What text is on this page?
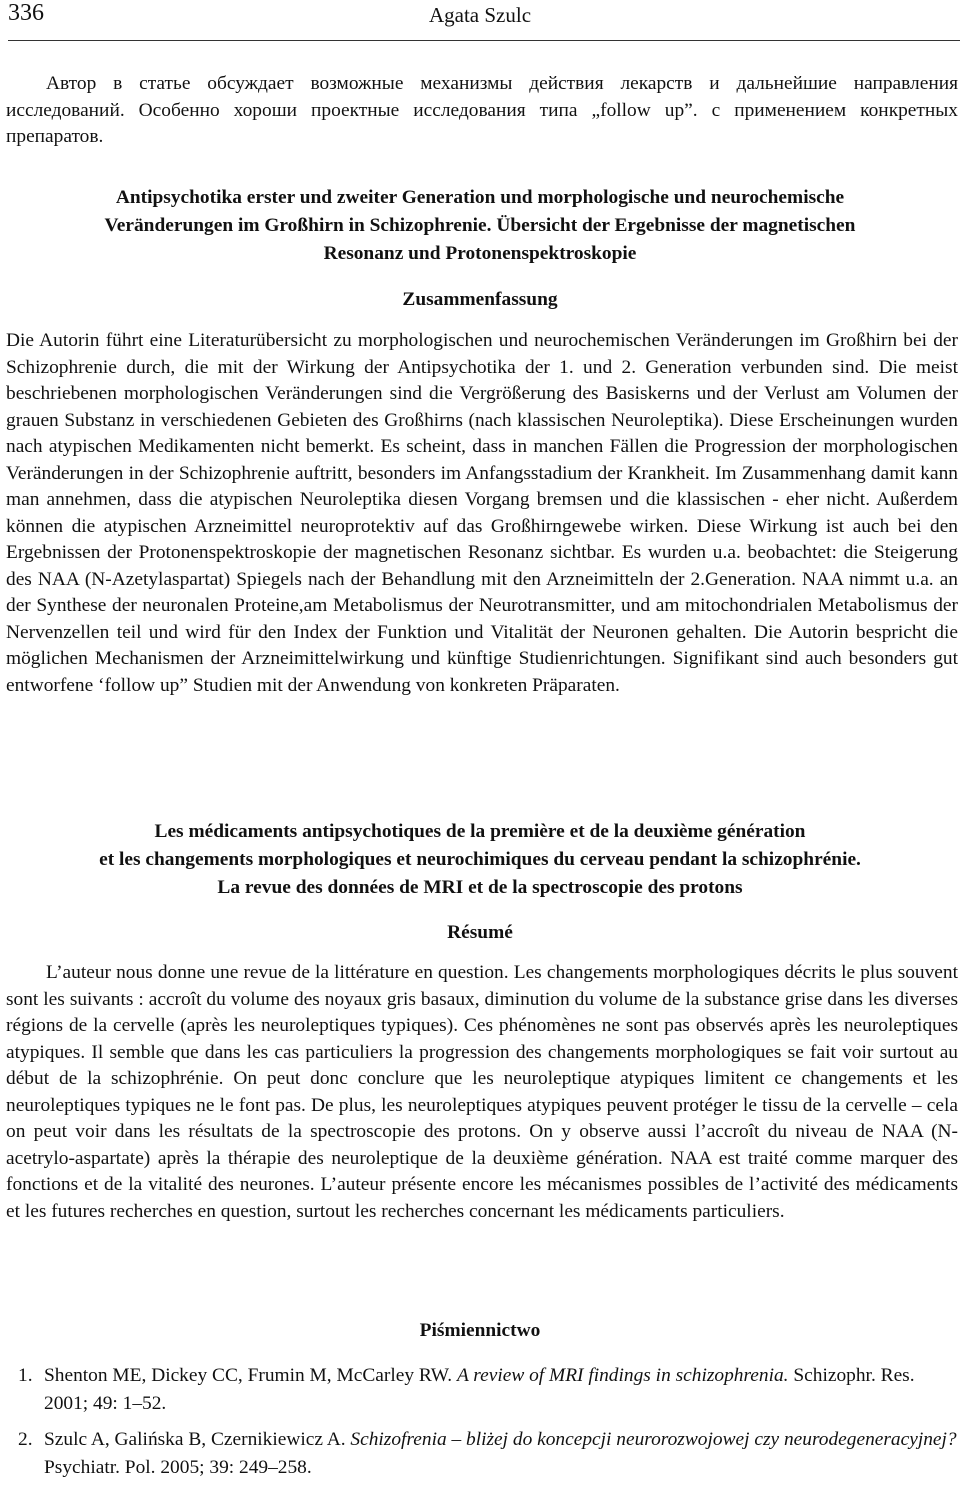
336	Agata Szulc

Автор в статье обсуждает возможные механизмы действия лекарств и дальнейшие направления исследований. Особенно хороши проектные исследования типа „follow up”. с применением конкретных препаратов.

Antipsychotika erster und zweiter Generation und morphologische und neurochemische
Veränderungen im Großhirn in Schizophrenie. Übersicht der Ergebnisse der magnetischen
Resonanz und Protonenspektroskopie
Zusammenfassung

Die Autorin führt eine Literaturübersicht zu morphologischen und neurochemischen Veränderungen im Großhirn bei der Schizophrenie durch, die mit der Wirkung der Antipsychotika der 1. und 2. Generation verbunden sind. Die meist beschriebenen morphologischen Veränderungen sind die Vergrößerung des Basiskerns und der Verlust am Volumen der grauen Substanz in verschiedenen Gebieten des Großhirns (nach klassischen Neuroleptika). Diese Erscheinungen wurden nach atypischen Medikamenten nicht bemerkt. Es scheint, dass in manchen Fällen die Progression der morphologischen Veränderungen in der Schizophrenie auftritt, besonders im Anfangsstadium der Krankheit. Im Zusammenhang damit kann man annehmen, dass die atypischen Neuroleptika diesen Vorgang bremsen und die klassischen - eher nicht. Außerdem können die atypischen Arzneimittel neuroprotektiv auf das Großhirngewebe wirken. Diese Wirkung ist auch bei den Ergebnissen der Protonenspektroskopie der magnetischen Resonanz sichtbar. Es wurden u.a. beobachtet: die Steigerung des NAA (N-Azetylaspartat) Spiegels nach der Behandlung mit den Arzneimitteln der 2.Generation. NAA nimmt u.a. an der Synthese der neuronalen Proteine,am Metabolismus der Neurotransmitter, und am mitochondrialen Metabolismus der Nervenzellen teil und wird für den Index der Funktion und Vitalität der Neuronen gehalten. Die Autorin bespricht die möglichen Mechanismen der Arzneimittelwirkung und künftige Studienrichtungen. Signifikant sind auch besonders gut entworfene ‘follow up” Studien mit der Anwendung von konkreten Präparaten.

Les médicaments antipsychotiques de la première et de la deuxième génération
et les changements morphologiques et neurochimiques du cerveau pendant la schizophrénie.
La revue des données de MRI et de la spectroscopie des protons
Résumé

L’auteur nous donne une revue de la littérature en question. Les changements morphologiques décrits le plus souvent sont les suivants : accroît du volume des noyaux gris basaux, diminution du volume de la substance grise dans les diverses régions de la cervelle (après les neuroleptiques typiques). Ces phénomènes ne sont pas observés après les neuroleptiques atypiques. Il semble que dans les cas particuliers la progression des changements morphologiques se fait voir surtout au début de la schizophrénie. On peut donc conclure que les neuroleptique atypiques limitent ce changements et les neuroleptiques typiques ne le font pas. De plus, les neuroleptiques atypiques peuvent protéger le tissu de la cervelle – cela on peut voir dans les résultats de la spectroscopie des protons. On y observe aussi l’accroît du niveau de NAA (N-acetrylo-aspartate) après la thérapie des neuroleptique de la deuxième génération. NAA est traité comme marquer des fonctions et de la vitalité des neurones. L’auteur présente encore les mécanismes possibles de l’activité des médicaments et les futures recherches en question, surtout les recherches concernant les médicaments particuliers.

Piśmiennictwo
1. Shenton ME, Dickey CC, Frumin M, McCarley RW. A review of MRI findings in schizophrenia. Schizophr. Res. 2001; 49: 1–52.
2. Szulc A, Galińska B, Czernikiewicz A. Schizofrenia – bliżej do koncepcji neurorozwojowej czy neurodegeneracyjnej? Psychiatr. Pol. 2005; 39: 249–258.
